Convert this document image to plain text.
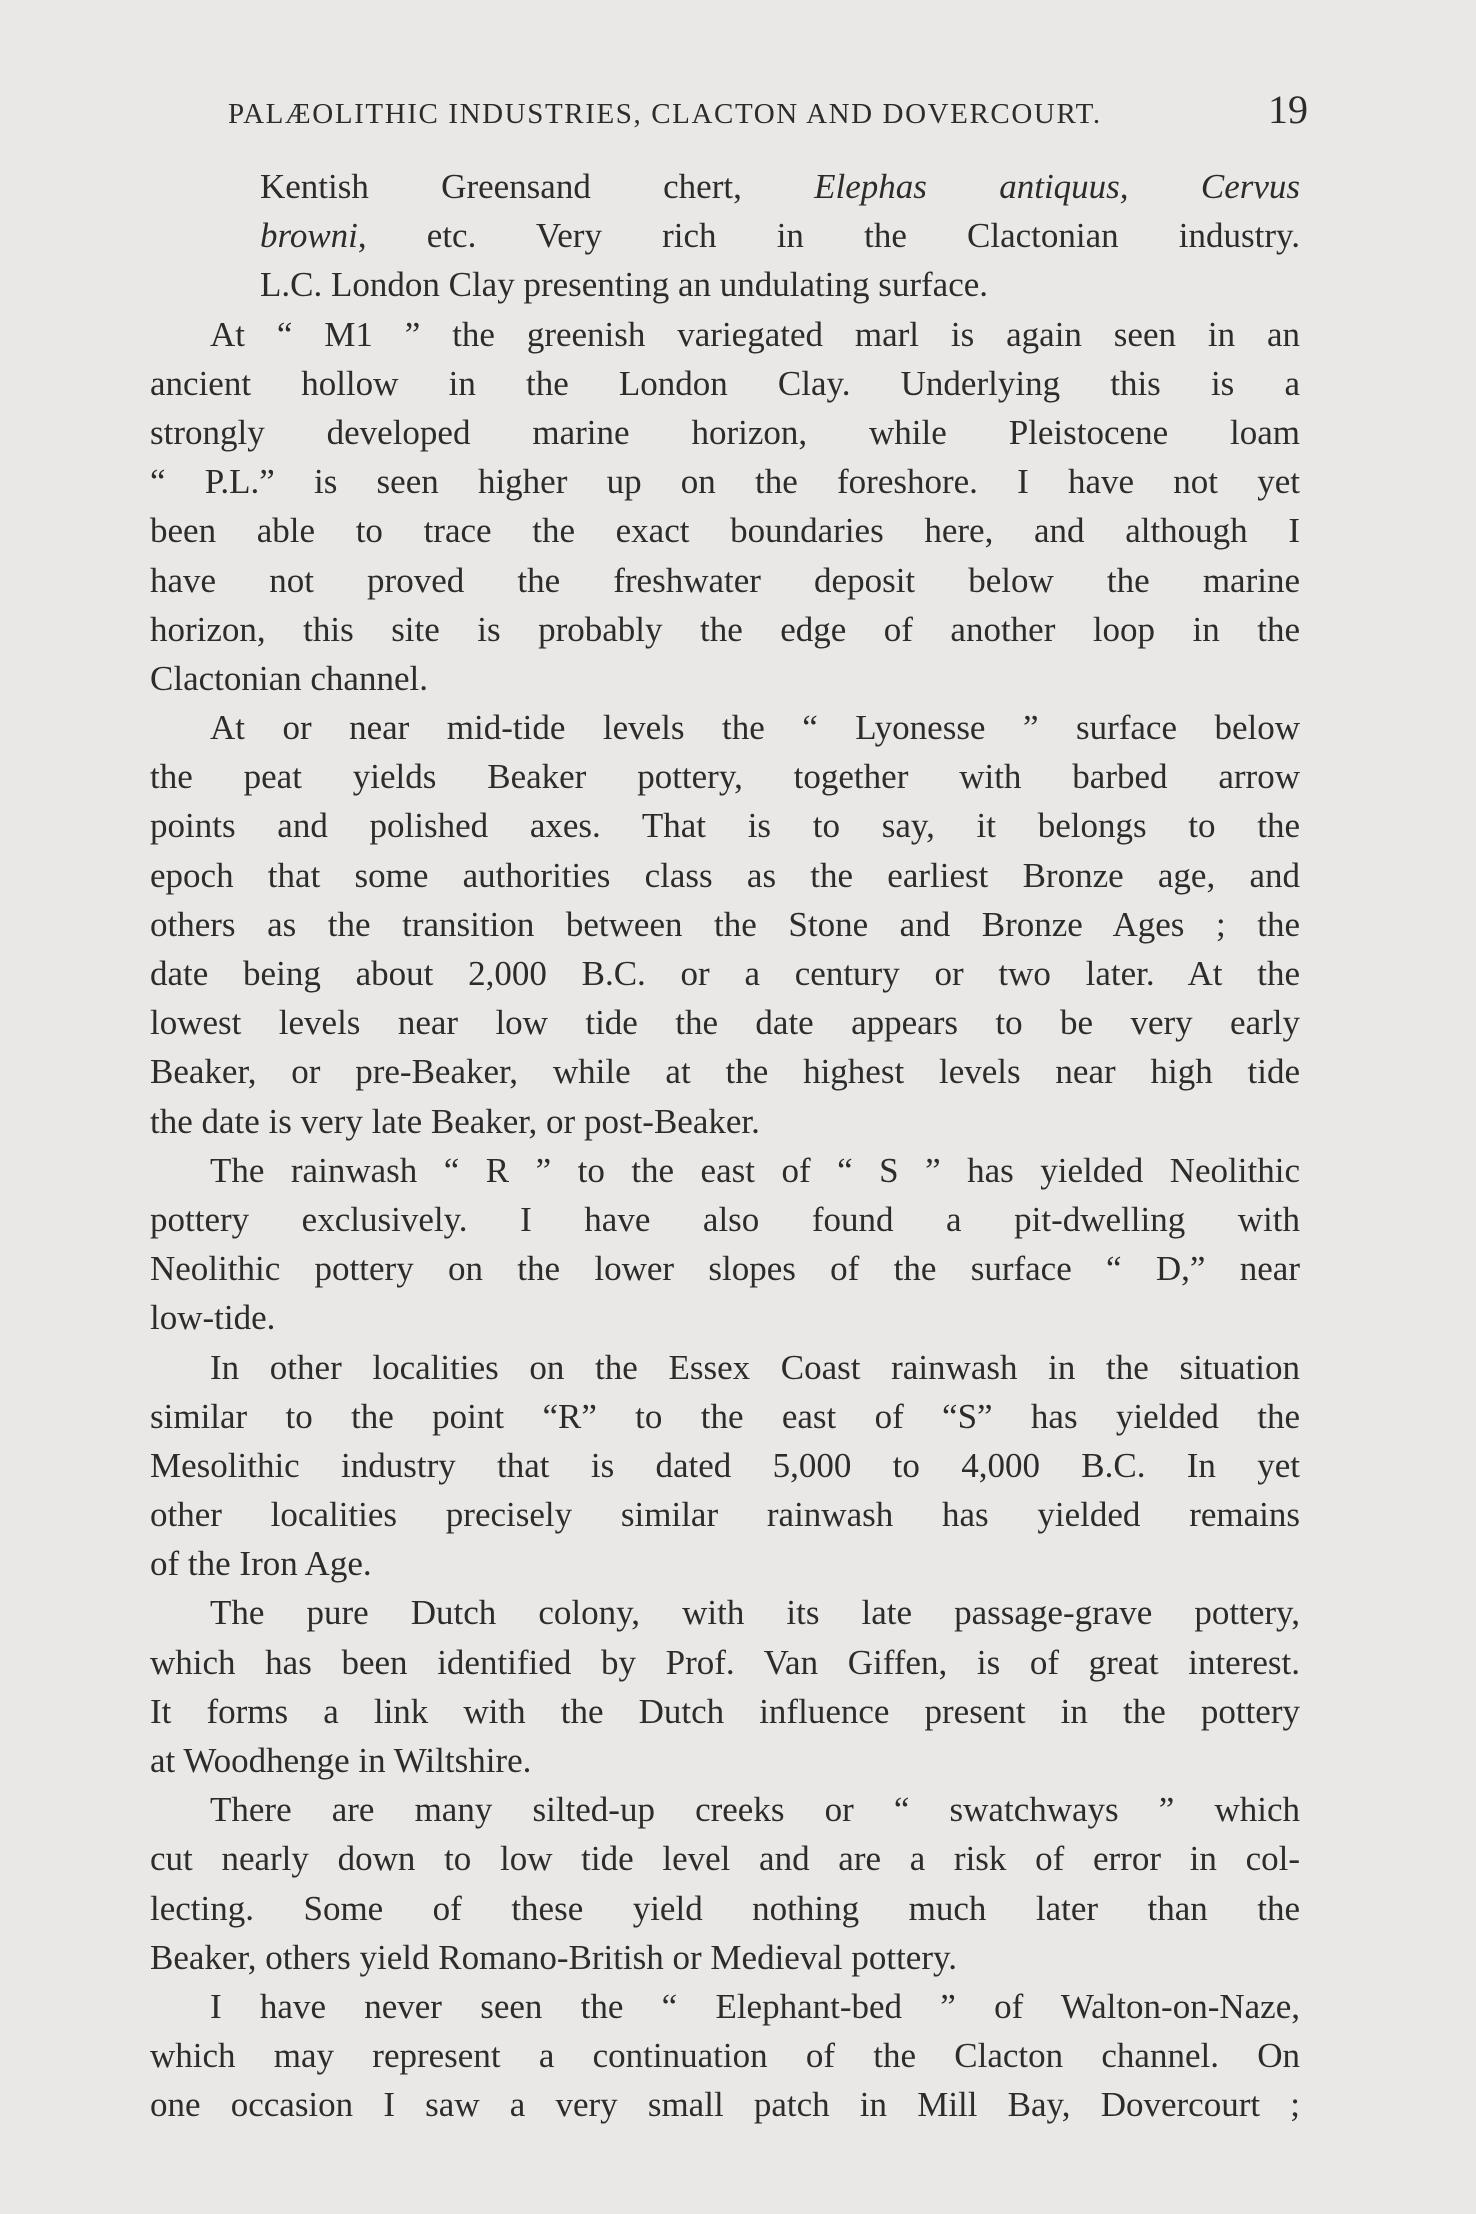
PALÆOLITHIC INDUSTRIES, CLACTON AND DOVERCOURT.	19
Kentish Greensand chert, Elephas antiquus, Cervus
browni, etc. Very rich in the Clactonian industry.
L.C. London Clay presenting an undulating surface.
At “ M1 ” the greenish variegated marl is again seen in an
ancient hollow in the London Clay. Underlying this is a
strongly developed marine horizon, while Pleistocene loam
“ P.L.” is seen higher up on the foreshore. I have not yet
been able to trace the exact boundaries here, and although I
have not proved the freshwater deposit below the marine
horizon, this site is probably the edge of another loop in the
Clactonian channel.
At or near mid-tide levels the “ Lyonesse ” surface below
the peat yields Beaker pottery, together with barbed arrow
points and polished axes. That is to say, it belongs to the
epoch that some authorities class as the earliest Bronze age, and
others as the transition between the Stone and Bronze Ages ; the
date being about 2,000 B.C. or a century or two later. At the
lowest levels near low tide the date appears to be very early
Beaker, or pre-Beaker, while at the highest levels near high tide
the date is very late Beaker, or post-Beaker.
The rainwash “ R ” to the east of “ S ” has yielded Neolithic
pottery exclusively. I have also found a pit-dwelling with
Neolithic pottery on the lower slopes of the surface “ D,” near
low-tide.
In other localities on the Essex Coast rainwash in the situation
similar to the point “R” to the east of “S” has yielded the
Mesolithic industry that is dated 5,000 to 4,000 B.C. In yet
other localities precisely similar rainwash has yielded remains
of the Iron Age.
The pure Dutch colony, with its late passage-grave pottery,
which has been identified by Prof. Van Giffen, is of great interest.
It forms a link with the Dutch influence present in the pottery
at Woodhenge in Wiltshire.
There are many silted-up creeks or “ swatchways ” which
cut nearly down to low tide level and are a risk of error in col-
lecting. Some of these yield nothing much later than the
Beaker, others yield Romano-British or Medieval pottery.
I have never seen the “ Elephant-bed ” of Walton-on-Naze,
which may represent a continuation of the Clacton channel. On
one occasion I saw a very small patch in Mill Bay, Dovercourt ;
